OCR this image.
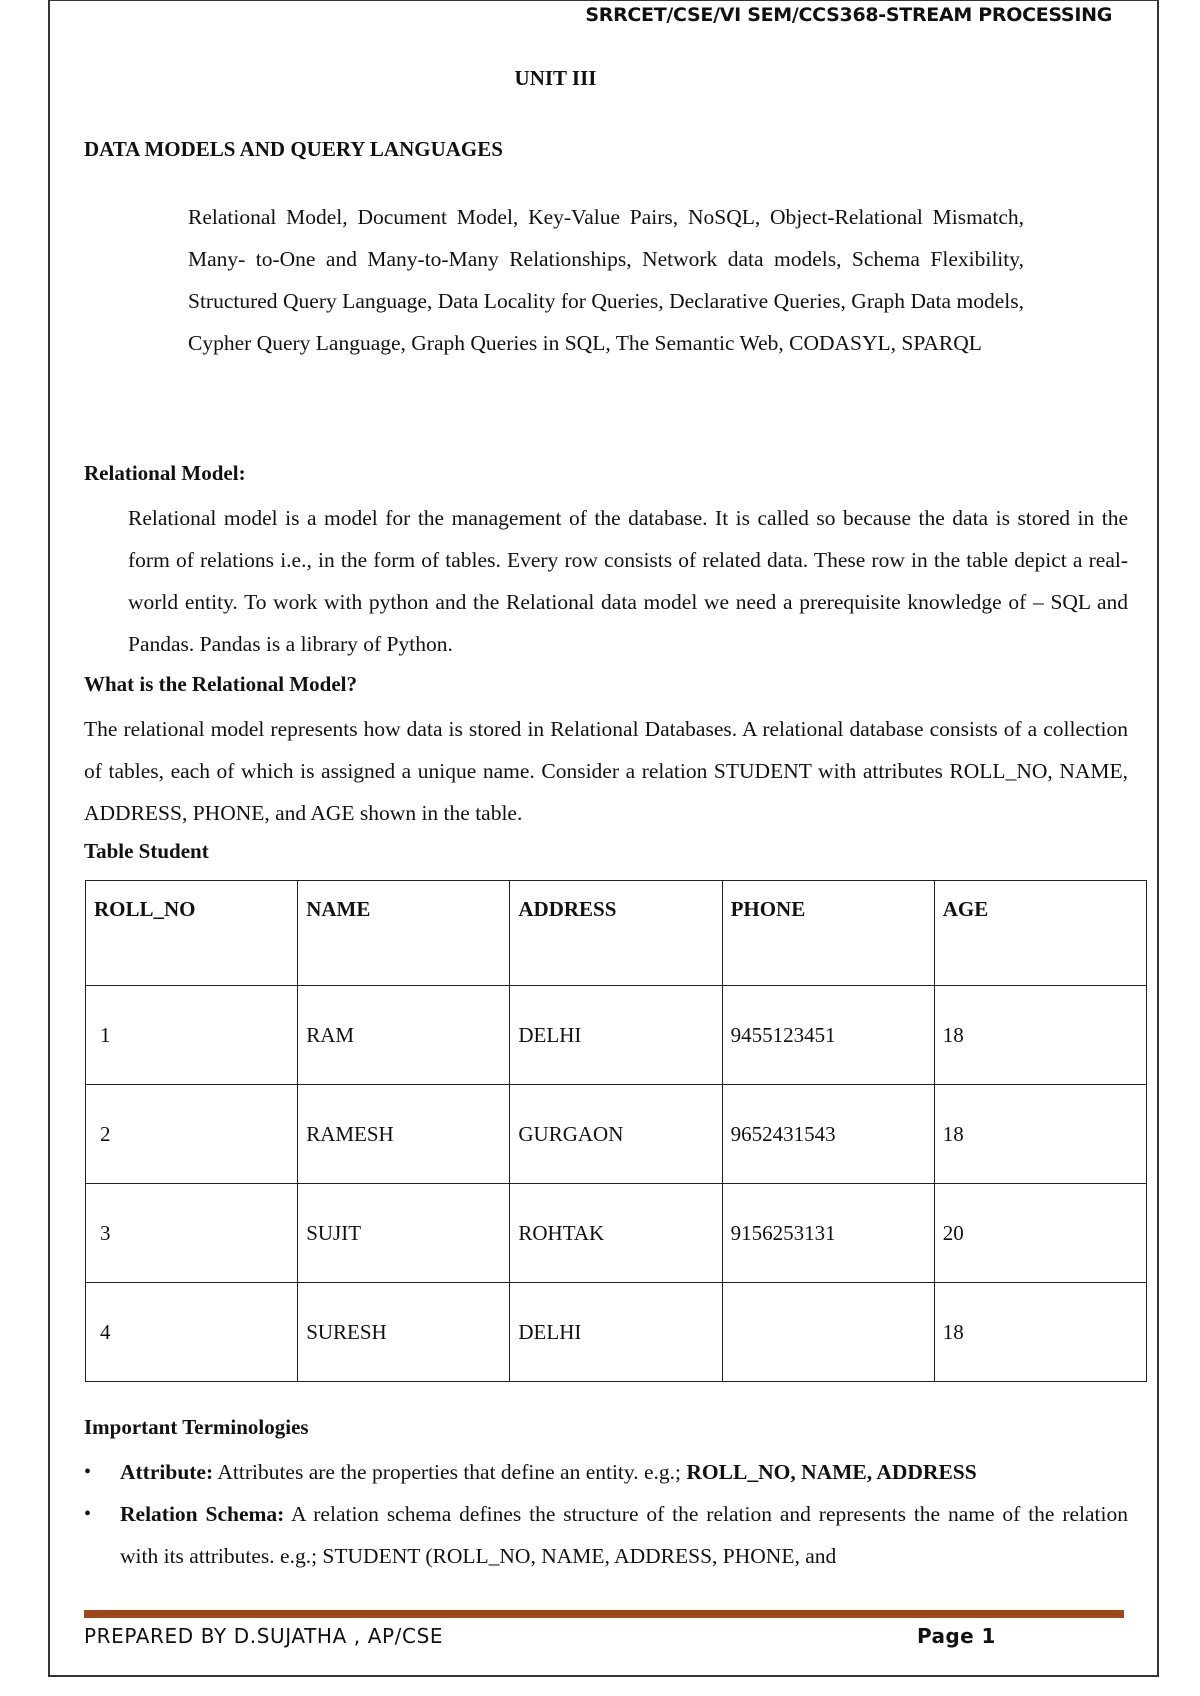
SRRCET/CSE/VI SEM/CCS368-STREAM PROCESSING
UNIT III
DATA MODELS AND QUERY LANGUAGES
Relational Model, Document Model, Key-Value Pairs, NoSQL, Object-Relational Mismatch, Many- to-One and Many-to-Many Relationships, Network data models, Schema Flexibility, Structured Query Language, Data Locality for Queries, Declarative Queries, Graph Data models, Cypher Query Language, Graph Queries in SQL, The Semantic Web, CODASYL, SPARQL
Relational Model:
Relational model is a model for the management of the database. It is called so because the data is stored in the form of relations i.e., in the form of tables. Every row consists of related data. These row in the table depict a real-world entity. To work with python and the Relational data model we need a prerequisite knowledge of – SQL and Pandas. Pandas is a library of Python.
What is the Relational Model?
The relational model represents how data is stored in Relational Databases. A relational database consists of a collection of tables, each of which is assigned a unique name. Consider a relation STUDENT with attributes ROLL_NO, NAME, ADDRESS, PHONE, and AGE shown in the table.
Table Student
ROLL_NO	NAME	ADDRESS	PHONE	AGE
1	RAM	DELHI	9455123451	18
2	RAMESH	GURGAON	9652431543	18
3	SUJIT	ROHTAK	9156253131	20
4	SURESH	DELHI		18
Important Terminologies
• Attribute: Attributes are the properties that define an entity. e.g.; ROLL_NO, NAME, ADDRESS
• Relation Schema: A relation schema defines the structure of the relation and represents the name of the relation with its attributes. e.g.; STUDENT (ROLL_NO, NAME, ADDRESS, PHONE, and
PREPARED BY D.SUJATHA , AP/CSE	Page 1
